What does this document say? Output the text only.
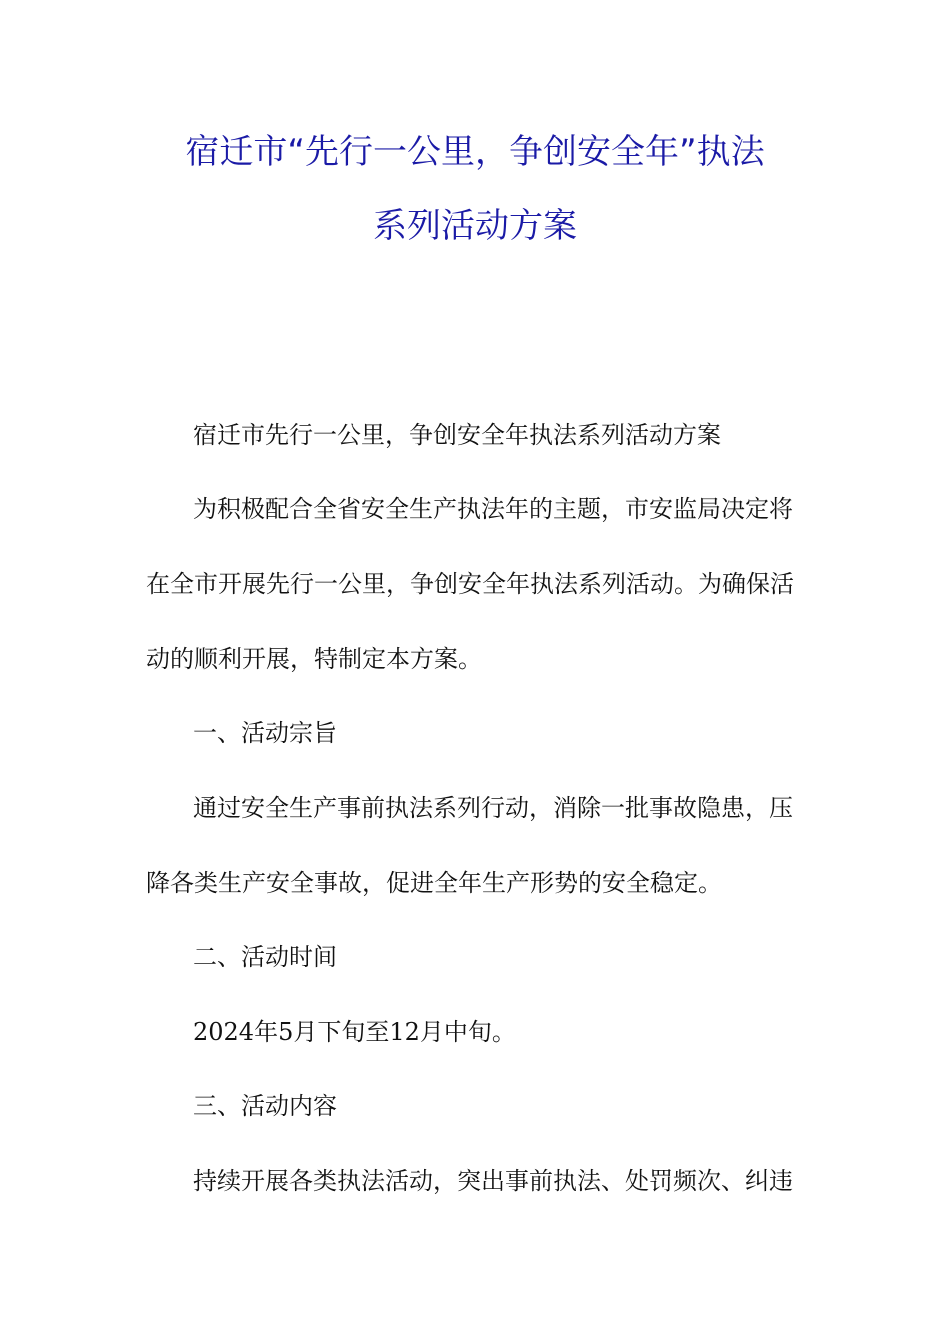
宿迁市“先行一公里，争创安全年”执法
系列活动方案

宿迁市先行一公里，争创安全年执法系列活动方案

为积极配合全省安全生产执法年的主题，市安监局决定将

在全市开展先行一公里，争创安全年执法系列活动。为确保活

动的顺利开展，特制定本方案。

一、活动宗旨

通过安全生产事前执法系列行动，消除一批事故隐患，压

降各类生产安全事故，促进全年生产形势的安全稳定。

二、活动时间

2024年5月下旬至12月中旬。

三、活动内容

持续开展各类执法活动，突出事前执法、处罚频次、纠违
